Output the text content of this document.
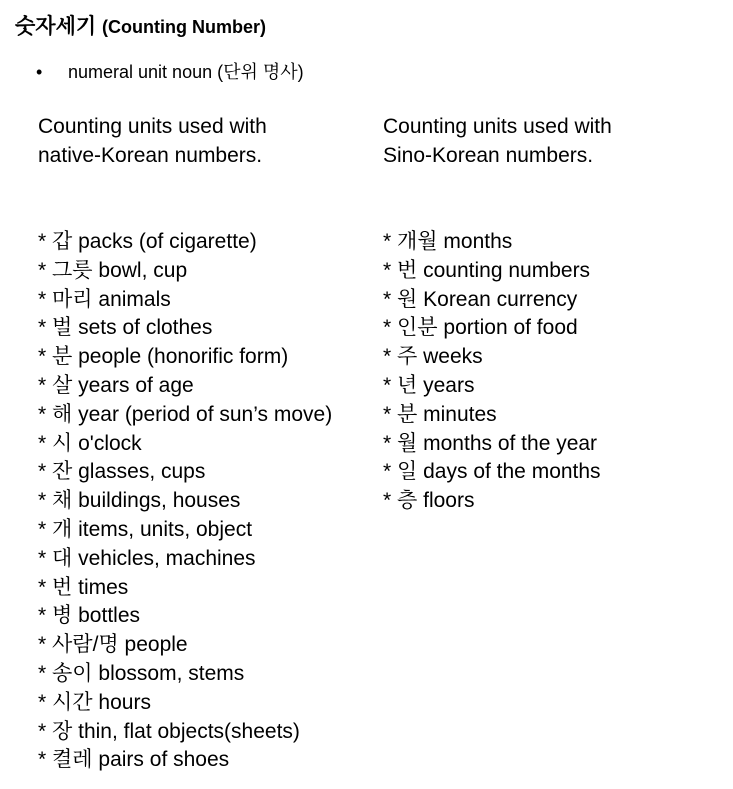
숫자세기 (Counting Number)
• numeral unit noun (단위 명사)
Counting units used with
native-Korean numbers.
Counting units used with
Sino-Korean numbers.
* 갑 packs (of cigarette)
* 그릇 bowl, cup
* 마리 animals
* 벌 sets of clothes
* 분 people (honorific form)
* 살 years of age
* 해 year (period of sun’s move)
* 시 o'clock
* 잔 glasses, cups
* 채 buildings, houses
* 개 items, units, object
* 대 vehicles, machines
* 번 times
* 병 bottles
* 사람/명 people
* 송이 blossom, stems
* 시간 hours
* 장 thin, flat objects(sheets)
* 켤레 pairs of shoes
* 개월 months
* 번 counting numbers
* 원 Korean currency
* 인분 portion of food
* 주 weeks
* 년 years
* 분 minutes
* 월 months of the year
* 일 days of the months
* 층 floors
